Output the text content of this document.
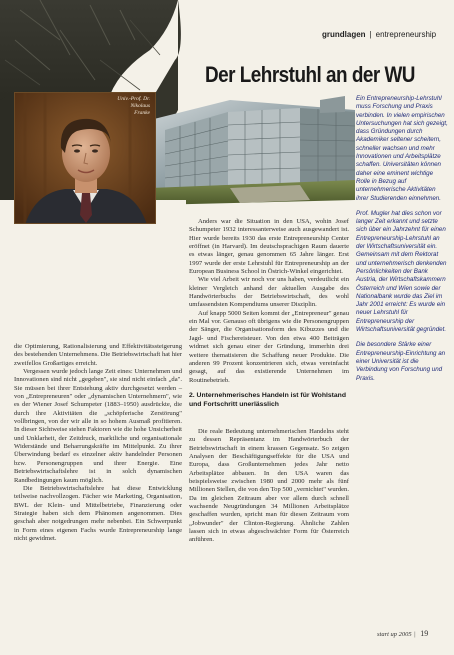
Univ.-Prof. Dr.
Nikolaus
Franke
grundlagen | entrepreneurship
Der Lehrstuhl an der WU

Ein Entrepreneurship-Lehrstuhl muss Forschung und Praxis verbinden. In vielen empirischen Untersuchungen hat sich gezeigt, dass Gründungen durch Akademiker seltener scheitern, schneller wachsen und mehr Innovationen und Arbeitsplätze schaffen. Universitäten können daher eine eminent wichtige Rolle in Bezug auf unternehmerische Aktivitäten ihrer Studierenden einnehmen.

Prof. Mugler hat dies schon vor langer Zeit erkannt und setzte sich über ein Jahrzehnt für einen Entrepreneurship-Lehrstuhl an der Wirtschaftsuniversität ein. Gemeinsam mit dem Rektorat und unternehmerisch denkenden Persönlichkeiten der Bank Austria, der Wirtschaftskammern Österreich und Wien sowie der Nationalbank wurde das Ziel im Jahr 2001 erreicht: Es wurde ein neuer Lehrstuhl für Entrepreneurship der Wirtschaftsuniversität gegründet.

Die besondere Stärke einer Entrepreneurship-Einrichtung an einer Universität ist die Verbindung von Forschung und Praxis.

Anders war die Situation in den USA, wohin Josef Schumpeter 1932 interessanterweise auch ausgewandert ist. Hier wurde bereits 1930 das erste Entrepreneurship Center eröffnet (in Harvard). Im deutschsprachigen Raum dauerte es etwas länger, genau genommen 65 Jahre länger. Erst 1997 wurde der erste Lehrstuhl für Entrepreneurship an der European Business School in Östrich-Winkel eingerichtet.

Wie viel Arbeit wir noch vor uns haben, verdeutlicht ein kleiner Vergleich anhand der aktuellen Ausgabe des Handwörterbuchs der Betriebswirtschaft, des wohl umfassendsten Kompendiums unserer Disziplin.

Auf knapp 5000 Seiten kommt der „Entrepreneur" genau ein Mal vor. Genauso oft übrigens wie die Personengruppen der Sänger, die Organisationsform des Kibuzzes und die Jagd- und Fischereisteuer. Von den etwa 400 Beiträgen widmet sich genau einer der Gründung, immerhin drei weitere thematisieren die Schaffung neuer Produkte. Die anderen 99 Prozent konzentrieren sich, etwas vereinfacht gesagt, auf das existierende Unternehmen im Routinebetrieb.

2. Unternehmerisches Handeln ist für Wohlstand und Fortschritt unerlässlich

Die reale Bedeutung unternehmerischen Handelns steht zu dessen Repräsentanz im Handwörterbuch der Betriebswirtschaft in einem krassen Gegensatz. So zeigen Analysen der Beschäftigungseffekte für die USA und Europa, dass Großunternehmen jedes Jahr netto Arbeitsplätze abbauen. In den USA waren das beispielsweise zwischen 1980 und 2000 mehr als fünf Millionen Stellen, die von den Top 500 „vernichtet" wurden. Da im gleichen Zeitraum aber vor allem durch schnell wachsende Neugründungen 34 Millionen Arbeitsplätze geschaffen wurden, spricht man für diesen Zeitraum vom „Jobwunder" der Clinton-Regierung. Ähnliche Zahlen lassen sich in etwas abgeschwächter Form für Österreich anführen.

die Optimierung, Rationalisierung und Effektivitätssteigerung des bestehenden Unternehmens. Die Betriebswirtschaft hat hier zweifellos Großartiges erreicht.

Vergessen wurde jedoch lange Zeit eines: Unternehmen und Innovationen sind nicht „gegeben", sie sind nicht einfach „da". Sie müssen bei ihrer Entstehung aktiv durchgesetzt werden – von „Entrepreneuren" oder „dynamischen Unternehmern", wie es der Wiener Josef Schumpeter (1883–1950) ausdrückte, die durch ihre Aktivitäten die „schöpferische Zerstörung" vollbringen, von der wir alle in so hohem Ausmaß profitieren. In dieser Sichtweise stehen Faktoren wie die hohe Unsicherheit und Unklarheit, der Zeitdruck, marktliche und organisationale Widerstände und Beharrungskräfte im Mittelpunkt. Zu ihrer Überwindung bedarf es einzelner aktiv handelnder Personen bzw. Personengruppen und ihrer Energie. Eine Betriebswirtschaftslehre ist in solch dynamischen Randbedingungen kaum möglich.

Die Betriebswirtschaftslehre hat diese Entwicklung teilweise nachvollzogen. Fächer wie Marketing, Organisation, BWL der Klein- und Mittelbetriebe, Finanzierung oder Strategie haben sich dem Phänomen angenommen. Dies geschah aber notgedrungen mehr nebenbei. Ein Schwerpunkt in Form eines eigenen Fachs wurde Entrepreneurship lange nicht gewidmet.

start up 2005 | 19
